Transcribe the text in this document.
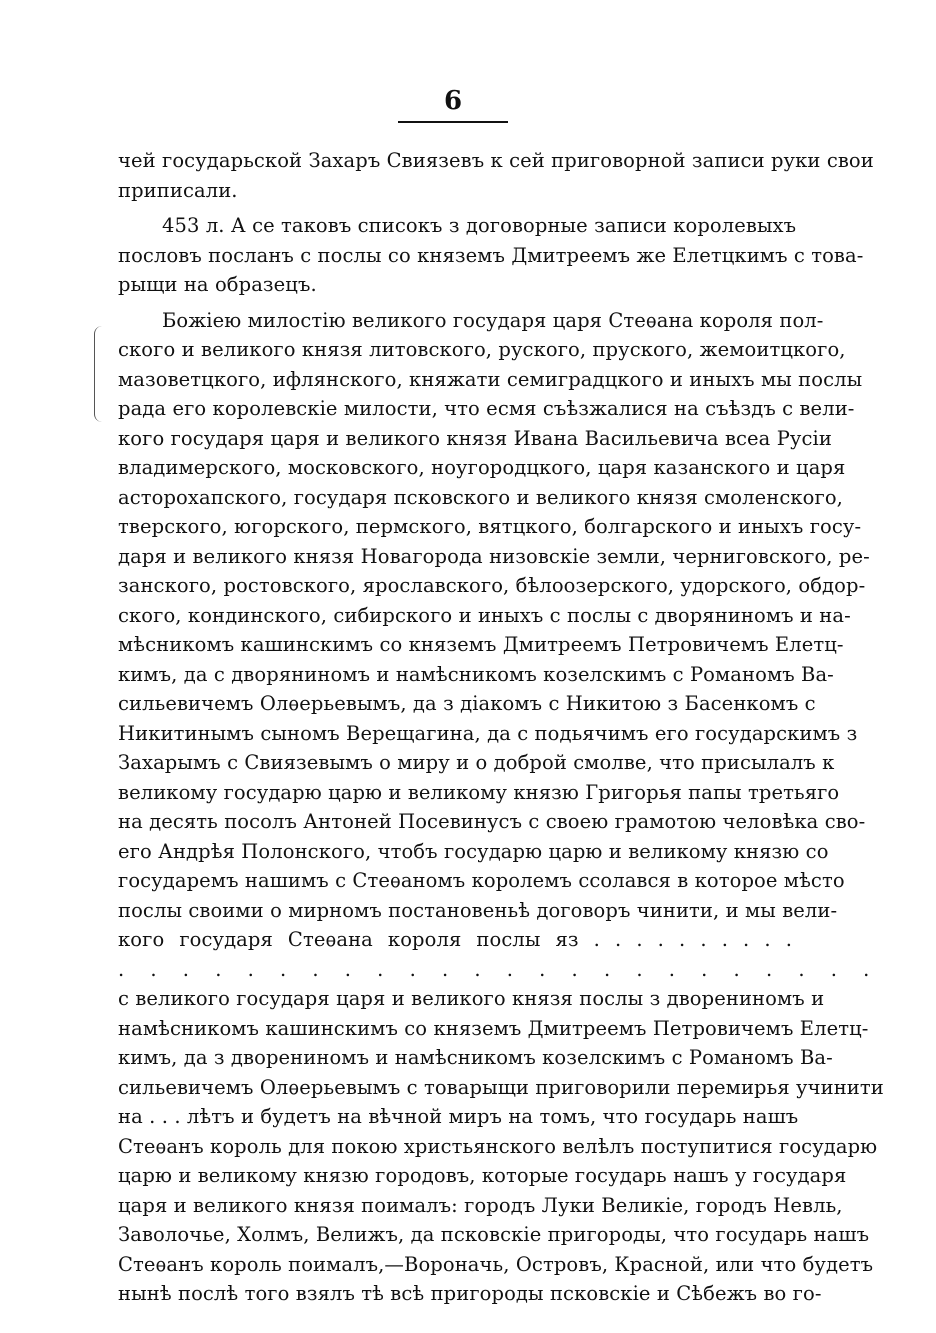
6
чей государьской Захаръ Свиязевъ к сей приговорной записи руки свои
приписали.
453 л. А се таковъ списокъ з договорные записи королевыхъ
пословъ посланъ с послы со княземъ Дмитреемъ же Елетцкимъ с това-
рыщи на образецъ.
Божіею милостію великого государя царя Стеѳана короля пол-
ского и великого князя литовского, руского, пруского, жемоитцкого,
мазоветцкого, ифлянского, княжати семиградцкого и иныхъ мы послы
рада его королевскіе милости, что есмя съѣзжалися на съѣздъ с вели-
кого государя царя и великого князя Ивана Васильевича всеа Русіи
владимерского, московского, ноугородцкого, царя казанского и царя
асторохапского, государя псковского и великого князя смоленского,
тверского, югорского, пермского, вятцкого, болгарского и иныхъ госу-
даря и великого князя Новагорода низовскіе земли, черниговского, ре-
занского, ростовского, ярославского, бѣлоозерского, удорского, обдор-
ского, кондинского, сибирского и иныхъ с послы с дворяниномъ и на-
мѣсникомъ кашинскимъ со княземъ Дмитреемъ Петровичемъ Елетц-
кимъ, да с дворяниномъ и намѣсникомъ козелскимъ с Романомъ Ва-
сильевичемъ Олѳерьевымъ, да з діакомъ с Никитою з Басенкомъ с
Никитинымъ сыномъ Верещагина, да с подьячимъ его государскимъ з
Захарымъ с Свиязевымъ о миру и о доброй смолве, что присылалъ к
великому государю царю и великому князю Григорья папы третьяго
на десять посолъ Антоней Посевинусъ с своею грамотою человѣка сво-
его Андрѣя Полонского, чтобъ государю царю и великому князю со
государемъ нашимъ с Стеѳаномъ королемъ ссолався в которое мѣсто
послы своими о мирномъ постановеньѣ договоръ чинити, и мы вели-
кого государя Стеѳана короля послы яз . . . . . . . . . .
. . . . . . . . . . . . . . . . . . . . . . . .
с великого государя царя и великого князя послы з дворениномъ и
намѣсникомъ кашинскимъ со княземъ Дмитреемъ Петровичемъ Елетц-
кимъ, да з дворениномъ и намѣсникомъ козелскимъ с Романомъ Ва-
сильевичемъ Олѳерьевымъ с товарыщи приговорили перемирья учинити
на . . . лѣтъ и будетъ на вѣчной миръ на томъ, что государь нашъ
Стеѳанъ король для покою христьянского велѣлъ поступитися государю
царю и великому князю городовъ, которые государь нашъ у государя
царя и великого князя поималъ: городъ Луки Великіе, городъ Невль,
Заволочье, Холмъ, Велижъ, да псковскіе пригороды, что государь нашъ
Стеѳанъ король поималъ,—Вороначь, Островъ, Красной, или что будетъ
нынѣ послѣ того взялъ тѣ всѣ пригороды псковскіе и Сѣбежъ во го-
